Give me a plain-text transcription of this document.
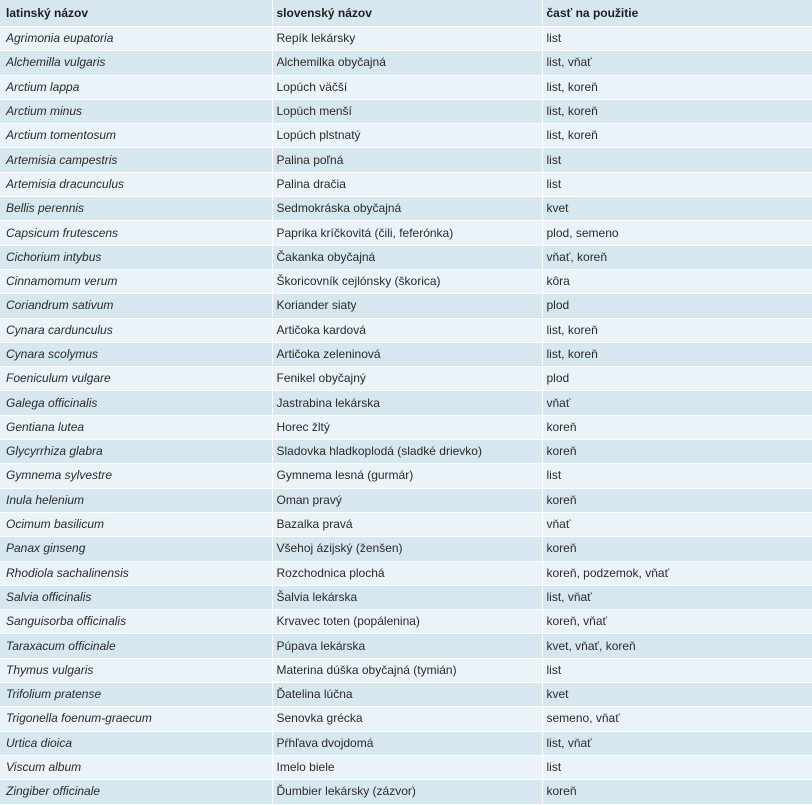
latinský názov	slovenský názov	časť na použitie
Agrimonia eupatoria	Repík lekársky	list
Alchemilla vulgaris	Alchemilka obyčajná	list, vňať
Arctium lappa	Lopúch väčší	list, koreň
Arctium minus	Lopúch menší	list, koreň
Arctium tomentosum	Lopúch plstnatý	list, koreň
Artemisia campestris	Palina poľná	list
Artemisia dracunculus	Palina dračia	list
Bellis perennis	Sedmokráska obyčajná	kvet
Capsicum frutescens	Paprika kríčkovitá (čili, feferónka)	plod, semeno
Cichorium intybus	Čakanka obyčajná	vňať, koreň
Cinnamomum verum	Škoricovník cejlónsky (škorica)	kôra
Coriandrum sativum	Koriander siaty	plod
Cynara cardunculus	Artičoka kardová	list, koreň
Cynara scolymus	Artičoka zeleninová	list, koreň
Foeniculum vulgare	Fenikel obyčajný	plod
Galega officinalis	Jastrabina lekárska	vňať
Gentiana lutea	Horec žltý	koreň
Glycyrrhiza glabra	Sladovka hladkoplodá (sladké drievko)	koreň
Gymnema sylvestre	Gymnema lesná (gurmár)	list
Inula helenium	Oman pravý	koreň
Ocimum basilicum	Bazalka pravá	vňať
Panax ginseng	Všehoj ázijský (ženšen)	koreň
Rhodiola sachalinensis	Rozchodnica plochá	koreň, podzemok, vňať
Salvia officinalis	Šalvia lekárska	list, vňať
Sanguisorba officinalis	Krvavec toten (popálenina)	koreň, vňať
Taraxacum officinale	Púpava lekárska	kvet, vňať, koreň
Thymus vulgaris	Materina dúška obyčajná (tymián)	list
Trifolium pratense	Ďatelina lúčna	kvet
Trigonella foenum-graecum	Senovka grécka	semeno, vňať
Urtica dioica	Pŕhľava dvojdomá	list, vňať
Viscum album	Imelo biele	list
Zingiber officinale	Ďumbier lekársky (zázvor)	koreň
